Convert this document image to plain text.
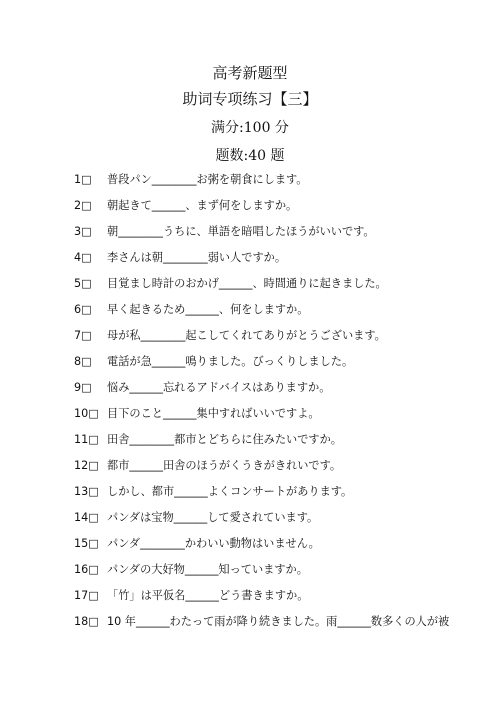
高考新题型
助词专项练习【三】
满分:100 分
题数:40 题
1□	普段パン________お粥を朝食にします。
2□	朝起きて______、まず何をしますか。
3□	朝________うちに、単語を暗唱したほうがいいです。
4□	李さんは朝________弱い人ですか。
5□	目覚まし時計のおかげ______、時間通りに起きました。
6□	早く起きるため______、何をしますか。
7□	母が私________起こしてくれてありがとうございます。
8□	電話が急______鳴りました。びっくりしました。
9□	悩み______忘れるアドバイスはありますか。
10□ 目下のこと______集中すればいいですよ。
11□ 田舎________都市とどちらに住みたいですか。
12□ 都市______田舎のほうがくうきがきれいです。
13□ しかし、都市______よくコンサートがあります。
14□ パンダは宝物______して愛されています。
15□ パンダ________かわいい動物はいません。
16□ パンダの大好物______知っていますか。
17□ 「竹」は平仮名______どう書きますか。
18□ 10 年______わたって雨が降り続きました。雨______数多くの人が被
